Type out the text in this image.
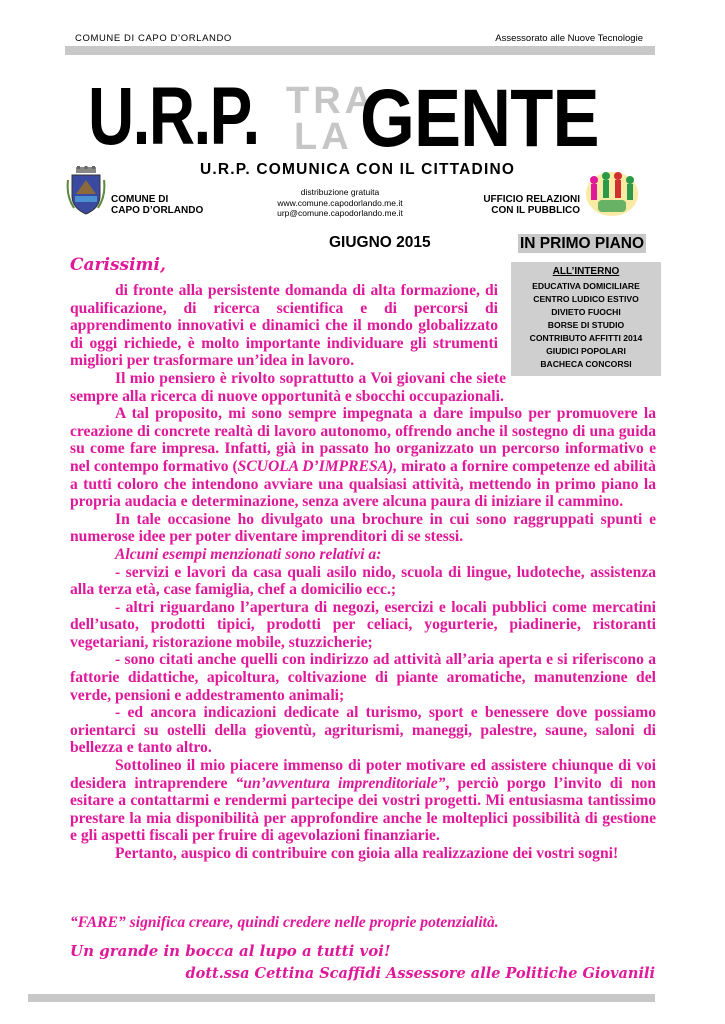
COMUNE DI CAPO D’ORLANDO	Assessorato alle Nuove Tecnologie
U.R.P. TRA
LA GENTE
U.R.P. COMUNICA CON IL CITTADINO
COMUNE DI
CAPO D’ORLANDO
distribuzione gratuita
www.comune.capodorlando.me.it
urp@comune.capodorlando.me.it
UFFICIO RELAZIONI
CON IL PUBBLICO
GIUGNO 2015	IN PRIMO PIANO
ALL’INTERNO
EDUCATIVA DOMICILIARE
CENTRO LUDICO ESTIVO
DIVIETO FUOCHI
BORSE DI STUDIO
CONTRIBUTO AFFITTI 2014
GIUDICI POPOLARI
BACHECA CONCORSI
Carissimi,

di fronte alla persistente domanda di alta formazione, di qualificazione, di ricerca scientifica e di percorsi di apprendimento innovativi e dinamici che il mondo globalizzato di oggi richiede, è molto importante individuare gli strumenti migliori per trasformare un’idea in lavoro.

Il mio pensiero è rivolto soprattutto a Voi giovani che siete sempre alla ricerca di nuove opportunità e sbocchi occupazionali.

A tal proposito, mi sono sempre impegnata a dare impulso per promuovere la creazione di concrete realtà di lavoro autonomo, offrendo anche il sostegno di una guida su come fare impresa. Infatti, già in passato ho organizzato un percorso informativo e nel contempo formativo (SCUOLA D’IMPRESA), mirato a fornire competenze ed abilità a tutti coloro che intendono avviare una qualsiasi attività, mettendo in primo piano la propria audacia e determinazione, senza avere alcuna paura di iniziare il cammino.

In tale occasione ho divulgato una brochure in cui sono raggruppati spunti e numerose idee per poter diventare imprenditori di se stessi.

Alcuni esempi menzionati sono relativi a:

- servizi e lavori da casa quali asilo nido, scuola di lingue, ludoteche, assistenza alla terza età, case famiglia, chef a domicilio ecc.;

- altri riguardano l’apertura di negozi, esercizi e locali pubblici come mercatini dell’usato, prodotti tipici, prodotti per celiaci, yogurterie, piadinerie, ristoranti vegetariani, ristorazione mobile, stuzzicherie;

- sono citati anche quelli con indirizzo ad attività all’aria aperta e si riferiscono a fattorie didattiche, apicoltura, coltivazione di piante aromatiche, manutenzione del verde, pensioni e addestramento animali;

- ed ancora indicazioni dedicate al turismo, sport e benessere dove possiamo orientarci su ostelli della gioventù, agriturismi, maneggi, palestre, saune, saloni di bellezza e tanto altro.

Sottolineo il mio piacere immenso di poter motivare ed assistere chiunque di voi desidera intraprendere “un’avventura imprenditoriale”, perciò porgo l’invito di non esitare a contattarmi e rendermi partecipe dei vostri progetti. Mi entusiasma tantissimo prestare la mia disponibilità per approfondire anche le molteplici possibilità di gestione e gli aspetti fiscali per fruire di agevolazioni finanziarie.

Pertanto, auspico di contribuire con gioia alla realizzazione dei vostri sogni!

“FARE” significa creare, quindi credere nelle proprie potenzialità.
Un grande in bocca al lupo a tutti voi!
dott.ssa Cettina Scaffidi Assessore alle Politiche Giovanili
